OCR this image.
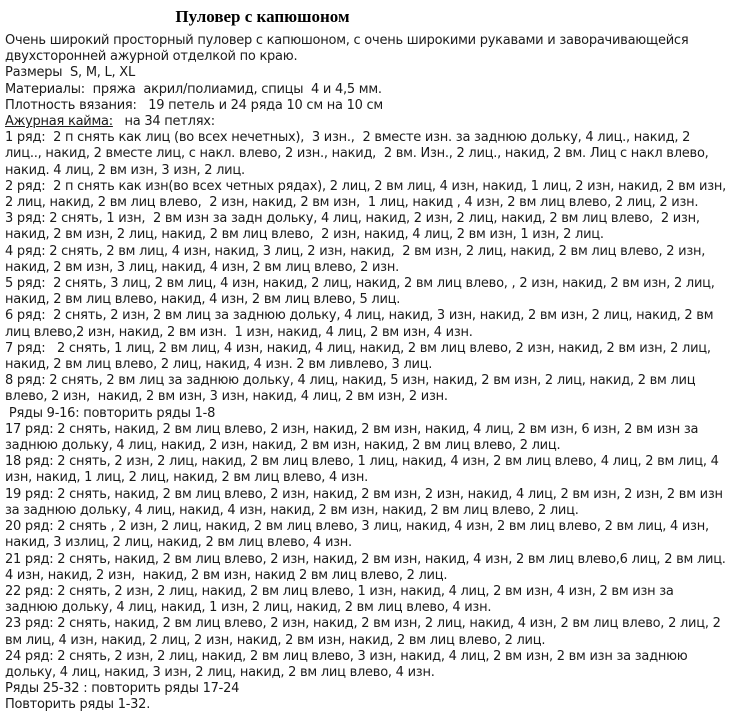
Пуловер с капюшоном

Очень широкий просторный пуловер с капюшоном, с очень широкими рукавами и заворачивающейся двухсторонней ажурной отделкой по краю.

Размеры  S, M, L, XL

Материалы:  пряжа  акрил/полиамид, спицы  4 и 4,5 мм.

Плотность вязания:   19 петель и 24 ряда 10 см на 10 см

Ажурная кайма:   на 34 петлях:

1 ряд:  2 п снять как лиц (во всех нечетных),  3 изн.,  2 вместе изн. за заднюю дольку, 4 лиц., накид, 2 лиц.., накид, 2 вместе лиц, с накл. влево, 2 изн., накид,  2 вм. Изн., 2 лиц., накид, 2 вм. Лиц с накл влево, накид. 4 лиц, 2 вм изн, 3 изн, 2 лиц.

2 ряд:  2 п снять как изн(во всех четных рядах), 2 лиц, 2 вм лиц, 4 изн, накид, 1 лиц, 2 изн, накид, 2 вм изн, 2 лиц, накид, 2 вм лиц влево,  2 изн, накид, 2 вм изн,  1 лиц, накид , 4 изн, 2 вм лиц влево, 2 лиц, 2 изн.

3 ряд: 2 снять, 1 изн,  2 вм изн за задн дольку, 4 лиц, накид, 2 изн, 2 лиц, накид, 2 вм лиц влево,  2 изн, накид, 2 вм изн, 2 лиц, накид, 2 вм лиц влево,  2 изн, накид, 4 лиц, 2 вм изн, 1 изн, 2 лиц.

4 ряд: 2 снять, 2 вм лиц, 4 изн, накид, 3 лиц, 2 изн, накид,  2 вм изн, 2 лиц, накид, 2 вм лиц влево, 2 изн, накид, 2 вм изн, 3 лиц, накид, 4 изн, 2 вм лиц влево, 2 изн.

5 ряд:  2 снять, 3 лиц, 2 вм лиц, 4 изн, накид, 2 лиц, накид, 2 вм лиц влево, , 2 изн, накид, 2 вм изн, 2 лиц, накид, 2 вм лиц влево, накид, 4 изн, 2 вм лиц влево, 5 лиц.

6 ряд:  2 снять, 2 изн, 2 вм лиц за заднюю дольку, 4 лиц, накид, 3 изн, накид, 2 вм изн, 2 лиц, накид, 2 вм лиц влево,2 изн, накид, 2 вм изн.  1 изн, накид, 4 лиц, 2 вм изн, 4 изн.

7 ряд:   2 снять, 1 лиц, 2 вм лиц, 4 изн, накид, 4 лиц, накид, 2 вм лиц влево, 2 изн, накид, 2 вм изн, 2 лиц, накид, 2 вм лиц влево, 2 лиц, накид, 4 изн. 2 вм ливлево, 3 лиц.

8 ряд: 2 снять, 2 вм лиц за заднюю дольку, 4 лиц, накид, 5 изн, накид, 2 вм изн, 2 лиц, накид, 2 вм лиц влево, 2 изн,  накид, 2 вм изн, 3 изн, накид, 4 лиц, 2 вм изн, 2 изн.

Ряды 9-16: повторить ряды 1-8

17 ряд: 2 снять, накид, 2 вм лиц влево, 2 изн, накид, 2 вм изн, накид, 4 лиц, 2 вм изн, 6 изн, 2 вм изн за заднюю дольку, 4 лиц, накид, 2 изн, накид, 2 вм изн, накид, 2 вм лиц влево, 2 лиц.

18 ряд: 2 снять, 2 изн, 2 лиц, накид, 2 вм лиц влево, 1 лиц, накид, 4 изн, 2 вм лиц влево, 4 лиц, 2 вм лиц, 4 изн, накид, 1 лиц, 2 лиц, накид, 2 вм лиц влево, 4 изн.

19 ряд: 2 снять, накид, 2 вм лиц влево, 2 изн, накид, 2 вм изн, 2 изн, накид, 4 лиц, 2 вм изн, 2 изн, 2 вм изн за заднюю дольку, 4 лиц, накид, 4 изн, накид, 2 вм изн, накид, 2 вм лиц влево, 2 лиц.

20 ряд: 2 снять , 2 изн, 2 лиц, накид, 2 вм лиц влево, 3 лиц, накид, 4 изн, 2 вм лиц влево, 2 вм лиц, 4 изн, накид, 3 излиц, 2 лиц, накид, 2 вм лиц влево, 4 изн.

21 ряд: 2 снять, накид, 2 вм лиц влево, 2 изн, накид, 2 вм изн, накид, 4 изн, 2 вм лиц влево,6 лиц, 2 вм лиц. 4 изн, накид, 2 изн,  накид, 2 вм изн, накид 2 вм лиц влево, 2 лиц.

22 ряд: 2 снять, 2 изн, 2 лиц, накид, 2 вм лиц влево, 1 изн, накид, 4 лиц, 2 вм изн, 4 изн, 2 вм изн за заднюю дольку, 4 лиц, накид, 1 изн, 2 лиц, накид, 2 вм лиц влево, 4 изн.

23 ряд: 2 снять, накид, 2 вм лиц влево, 2 изн, накид, 2 вм изн, 2 лиц, накид, 4 изн, 2 вм лиц влево, 2 лиц, 2 вм лиц, 4 изн, накид, 2 лиц, 2 изн, накид, 2 вм изн, накид, 2 вм лиц влево, 2 лиц.

24 ряд: 2 снять, 2 изн, 2 лиц, накид, 2 вм лиц влево, 3 изн, накид, 4 лиц, 2 вм изн, 2 вм изн за заднюю дольку, 4 лиц, накид, 3 изн, 2 лиц, накид, 2 вм лиц влево, 4 изн.

Ряды 25-32 : повторить ряды 17-24

Повторить ряды 1-32.
